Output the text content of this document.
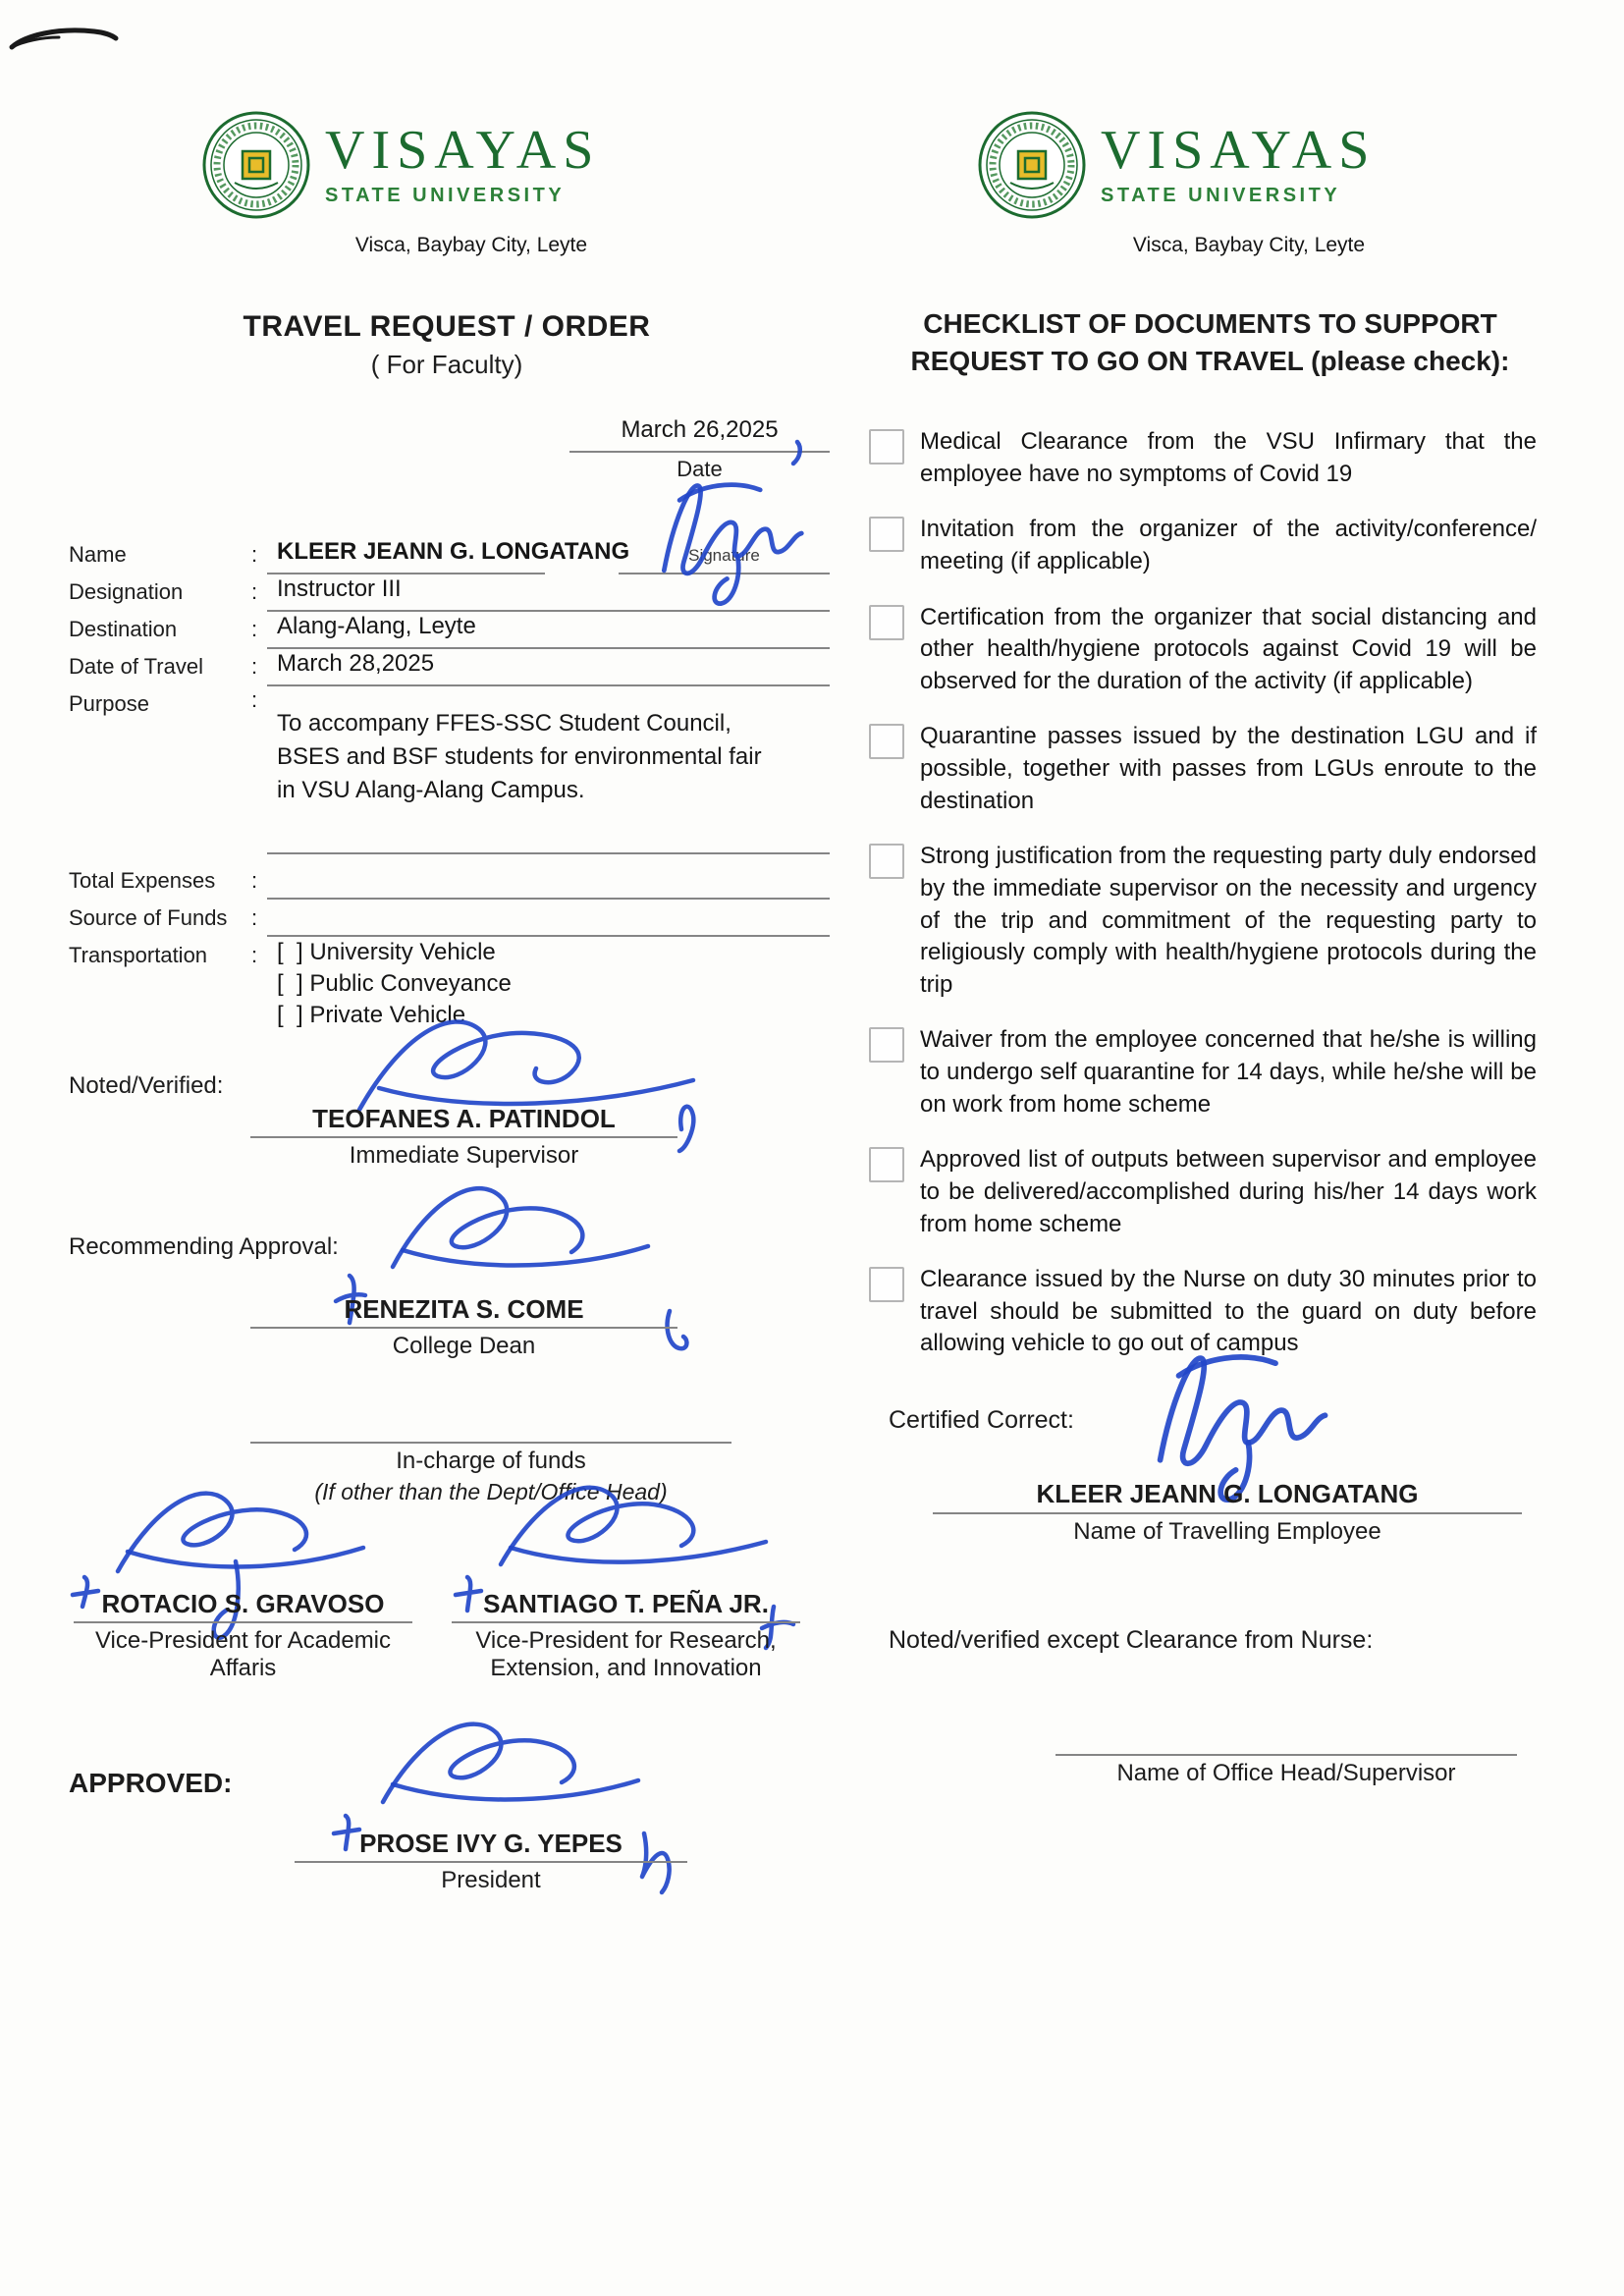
VISAYAS
STATE UNIVERSITY
Visca, Baybay City, Leyte
VISAYAS
STATE UNIVERSITY
Visca, Baybay City, Leyte
TRAVEL REQUEST / ORDER
( For Faculty)
March 26,2025
Date
Name	: KLEER JEANN G. LONGATANG	Signature
Designation	: Instructor III
Destination	: Alang-Alang, Leyte
Date of Travel : March 28,2025
Purpose	:
To accompany FFES-SSC Student Council,
BSES and BSF students for environmental fair
in VSU Alang-Alang Campus.
Total Expenses :
Source of Funds :
Transportation : [  ] University Vehicle
[  ] Public Conveyance
[  ] Private Vehicle
Noted/Verified:
TEOFANES A. PATINDOL
Immediate Supervisor
Recommending Approval:
RENEZITA S. COME
College Dean
In-charge of funds
(If other than the Dept/Office Head)
ROTACIO S. GRAVOSO
Vice-President for Academic Affaris
SANTIAGO T. PEÑA JR.
Vice-President for Research, Extension, and Innovation
APPROVED:
PROSE IVY G. YEPES
President
CHECKLIST OF DOCUMENTS TO SUPPORT
REQUEST TO GO ON TRAVEL (please check):
Medical Clearance from the VSU Infirmary that the employee have no symptoms of Covid 19
Invitation from the organizer of the activity/conference/ meeting (if applicable)
Certification from the organizer that social distancing and other health/hygiene protocols against Covid 19 will be observed for the duration of the activity (if applicable)
Quarantine passes issued by the destination LGU and if possible, together with passes from LGUs enroute to the destination
Strong justification from the requesting party duly endorsed by the immediate supervisor on the necessity and urgency of the trip and commitment of the requesting party to religiously comply with health/hygiene protocols during the trip
Waiver from the employee concerned that he/she is willing to undergo self quarantine for 14 days, while he/she will be on work from home scheme
Approved list of outputs between supervisor and employee to be delivered/accomplished during his/her 14 days work from home scheme
Clearance issued by the Nurse on duty 30 minutes prior to travel should be submitted to the guard on duty before allowing vehicle to go out of campus
Certified Correct:
KLEER JEANN G. LONGATANG
Name of Travelling Employee
Noted/verified except Clearance from Nurse:
Name of Office Head/Supervisor
